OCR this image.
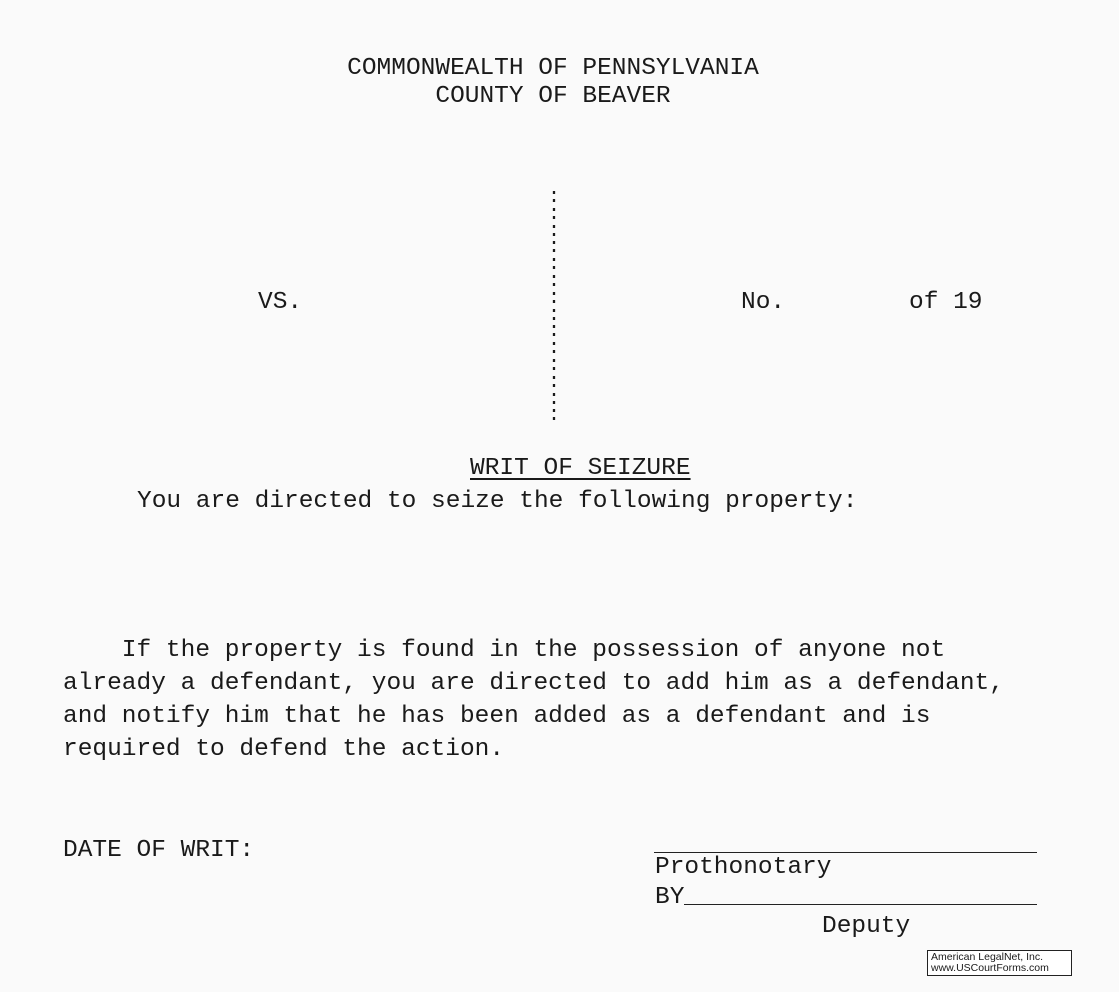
COMMONWEALTH OF PENNSYLVANIA
COUNTY OF BEAVER
:
:
:
:
:
:
:
:
:
:
:
:
:
:
VS.	No.	of 19
WRIT OF SEIZURE
You are directed to seize the following property:
If the property is found in the possession of anyone not
already a defendant, you are directed to add him as a defendant,
and notify him that he has been added as a defendant and is
required to defend the action.
DATE OF WRIT:
Prothonotary
BY
Deputy
American LegalNet, Inc.
www.USCourtForms.com
